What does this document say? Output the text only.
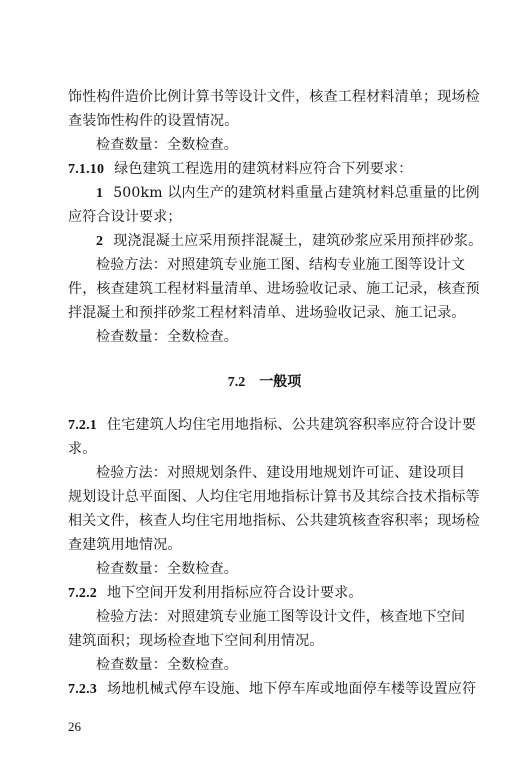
饰性构件造价比例计算书等设计文件，核查工程材料清单；现场检
查装饰性构件的设置情况。
检查数量：全数检查。
7.1.10 绿色建筑工程选用的建筑材料应符合下列要求：
1 500km 以内生产的建筑材料重量占建筑材料总重量的比例
应符合设计要求；
2 现浇混凝土应采用预拌混凝土，建筑砂浆应采用预拌砂浆。
检验方法：对照建筑专业施工图、结构专业施工图等设计文
件，核查建筑工程材料量清单、进场验收记录、施工记录，核查预
拌混凝土和预拌砂浆工程材料清单、进场验收记录、施工记录。
检查数量：全数检查。
7.2 一般项
7.2.1 住宅建筑人均住宅用地指标、公共建筑容积率应符合设计要
求。
检验方法：对照规划条件、建设用地规划许可证、建设项目
规划设计总平面图、人均住宅用地指标计算书及其综合技术指标等
相关文件，核查人均住宅用地指标、公共建筑核查容积率；现场检
查建筑用地情况。
检查数量：全数检查。
7.2.2 地下空间开发利用指标应符合设计要求。
检验方法：对照建筑专业施工图等设计文件，核查地下空间
建筑面积；现场检查地下空间利用情况。
检查数量：全数检查。
7.2.3 场地机械式停车设施、地下停车库或地面停车楼等设置应符
26
